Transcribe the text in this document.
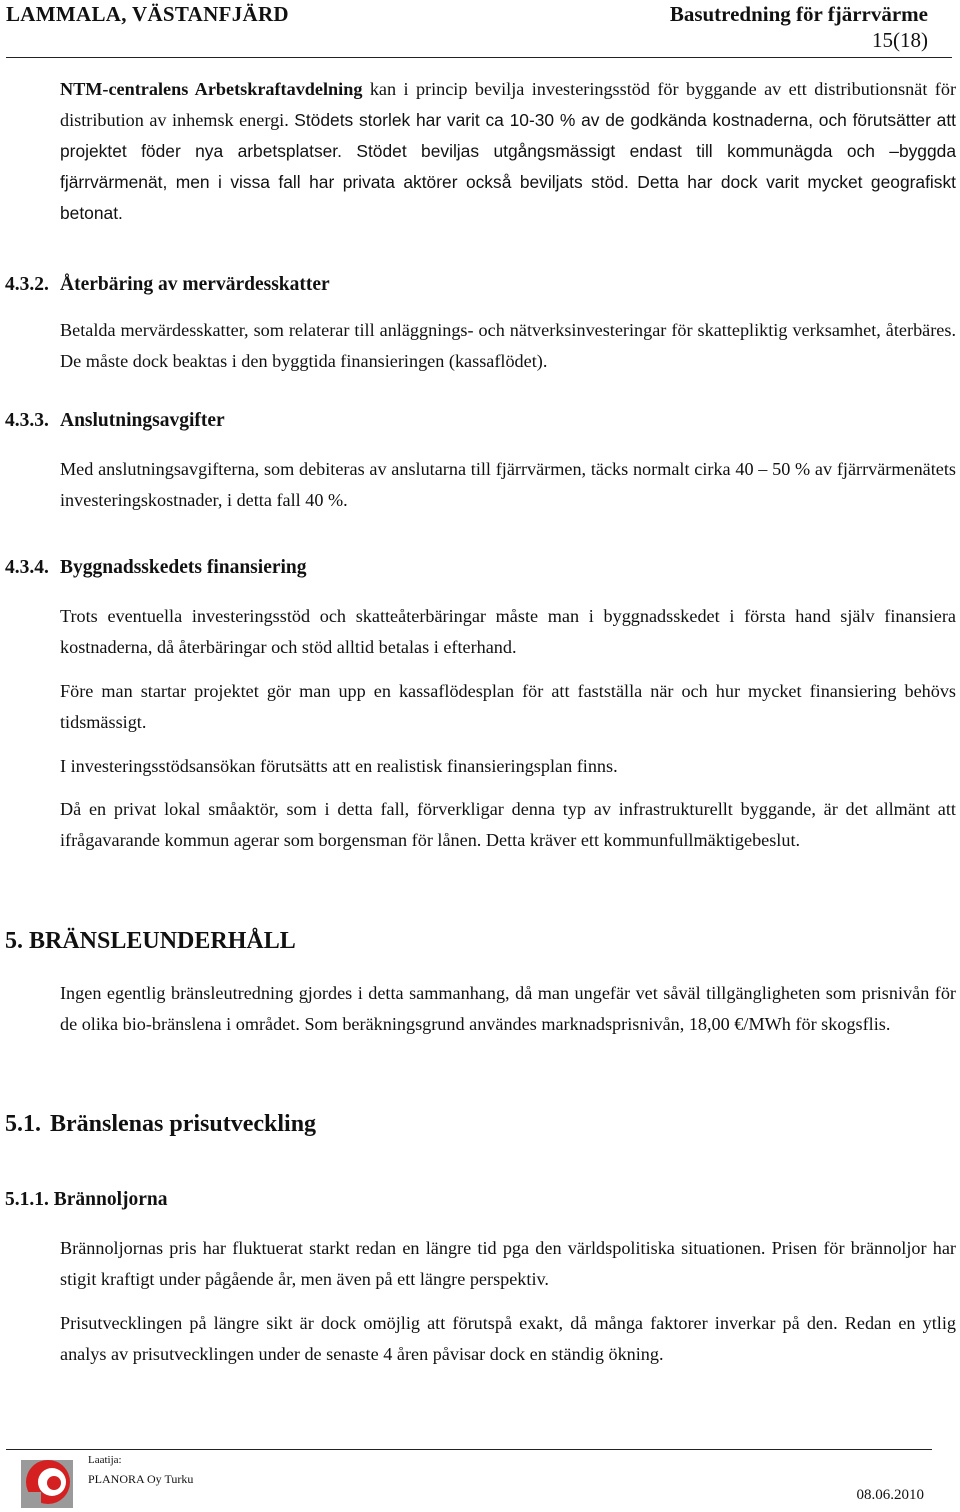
LAMMALA, VÄSTANFJÄRD	Basutredning för fjärrvärme
15(18)
NTM-centralens Arbetskraftavdelning kan i princip bevilja investeringsstöd för byggande av ett distributionsnät för distribution av inhemsk energi. Stödets storlek har varit ca 10-30 % av de godkända kostnaderna, och förutsätter att projektet föder nya arbetsplatser. Stödet beviljas utgångsmässigt endast till kommunägda och –byggda fjärrvärmenät, men i vissa fall har privata aktörer också beviljats stöd. Detta har dock varit mycket geografiskt betonat.
4.3.2. Återbäring av mervärdesskatter
Betalda mervärdesskatter, som relaterar till anläggnings- och nätverksinvesteringar för skattepliktig verksamhet, återbäres. De måste dock beaktas i den byggtida finansieringen (kassaflödet).
4.3.3. Anslutningsavgifter
Med anslutningsavgifterna, som debiteras av anslutarna till fjärrvärmen, täcks normalt cirka 40 – 50 % av fjärrvärmenätets investeringskostnader, i detta fall 40 %.
4.3.4. Byggnadsskedets finansiering
Trots eventuella investeringsstöd och skatteåterbäringar måste man i byggnadsskedet i första hand själv finansiera kostnaderna, då återbäringar och stöd alltid betalas i efterhand.
Före man startar projektet gör man upp en kassaflödesplan för att fastställa när och hur mycket finansiering behövs tidsmässigt.
I investeringsstödsansökan förutsätts att en realistisk finansieringsplan finns.
Då en privat lokal småaktör, som i detta fall, förverkligar denna typ av infrastrukturellt byggande, är det allmänt att ifrågavarande kommun agerar som borgensman för lånen. Detta kräver ett kommunfullmäktigebeslut.
5. BRÄNSLEUNDERHÅLL
Ingen egentlig bränsleutredning gjordes i detta sammanhang, då man ungefär vet såväl tillgängligheten som prisnivån för de olika bio-bränslena i området. Som beräkningsgrund användes marknadsprisnivån, 18,00 €/MWh för skogsflis.
5.1. Bränslenas prisutveckling
5.1.1. Brännoljorna
Brännoljornas pris har fluktuerat starkt redan en längre tid pga den världspolitiska situationen. Prisen för brännoljor har stigit kraftigt under pågående år, men även på ett längre perspektiv.
Prisutvecklingen på längre sikt är dock omöjlig att förutspå exakt, då många faktorer inverkar på den. Redan en ytlig analys av prisutvecklingen under de senaste 4 åren påvisar dock en ständig ökning.
Laatija:
PLANORA Oy Turku
08.06.2010
